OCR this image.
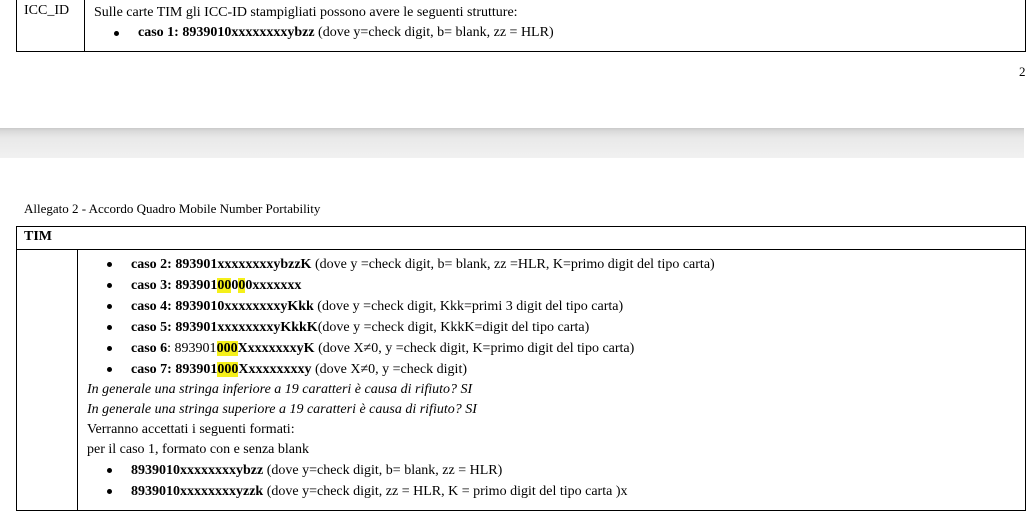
ICC_ID	Sulle carte TIM gli ICC-ID stampigliati possono avere le seguenti strutture:
caso 1: 8939010xxxxxxxxybzz (dove y=check digit, b= blank, zz = HLR)
2
Allegato 2 - Accordo Quadro Mobile Number Portability
TIM

caso 2: 893901xxxxxxxxybzzK (dove y =check digit, b= blank, zz =HLR, K=primo digit del tipo carta)
caso 3: 89390100000xxxxxxx
caso 4: 8939010xxxxxxxxyKkk (dove y =check digit, Kkk=primi 3 digit del tipo carta)
caso 5: 893901xxxxxxxxyKkkK(dove y =check digit, KkkK=digit del tipo carta)
caso 6: 893901000XxxxxxxxyK (dove X≠0, y =check digit, K=primo digit del tipo carta)
caso 7: 893901000Xxxxxxxxxy (dove X≠0, y =check digit)
In generale una stringa inferiore a 19 caratteri è causa di rifiuto? SI
In generale una stringa superiore a 19 caratteri è causa di rifiuto? SI
Verranno accettati i seguenti formati:
per il caso 1, formato con e senza blank
8939010xxxxxxxxybzz (dove y=check digit, b= blank, zz = HLR)
8939010xxxxxxxxyzzk (dove y=check digit, zz = HLR, K = primo digit del tipo carta )x
